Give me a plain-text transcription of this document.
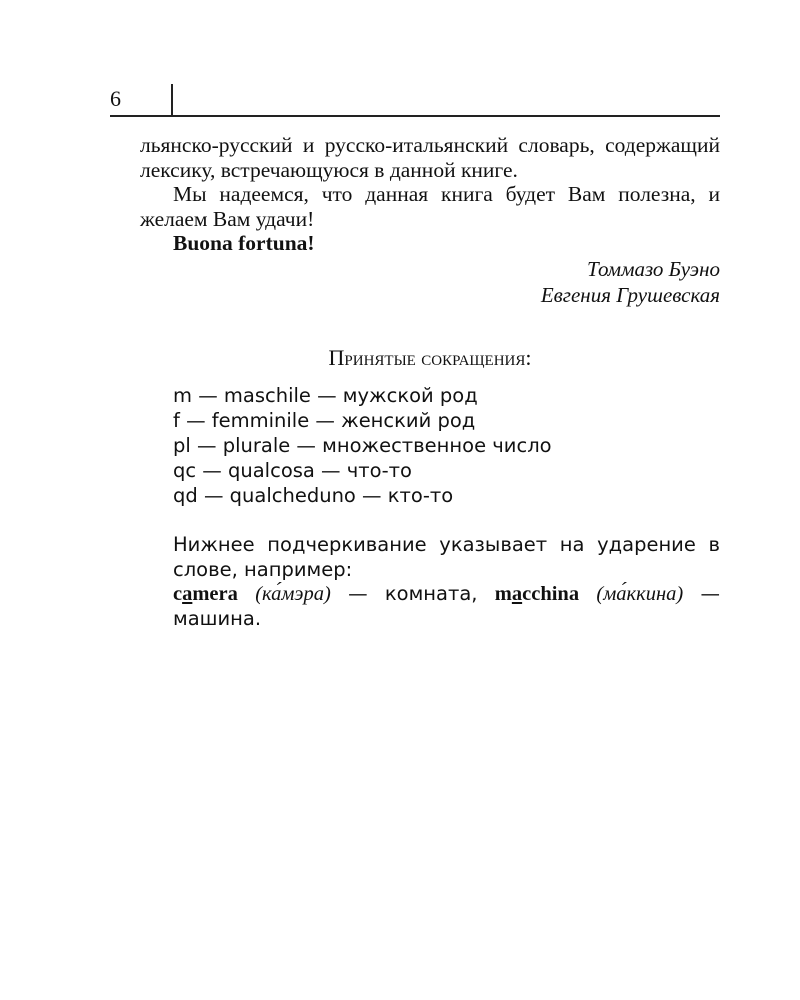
6

льянско-русский и русско-итальянский словарь, содержащий лексику, встречающуюся в данной книге.

Мы надеемся, что данная книга будет Вам полезна, и желаем Вам удачи!

Buona fortuna!

Томмазо Буэно
Евгения Грушевская
Принятые сокращения:
m — maschile — мужской род
f — femminile — женский род
pl — plurale — множественное число
qc — qualcosa — что-то
qd — qualcheduno — кто-то
Нижнее подчеркивание указывает на ударение в
слове, например:
camera (ка́мэра) — комната, macchina (ма́ккина) —
машина.
